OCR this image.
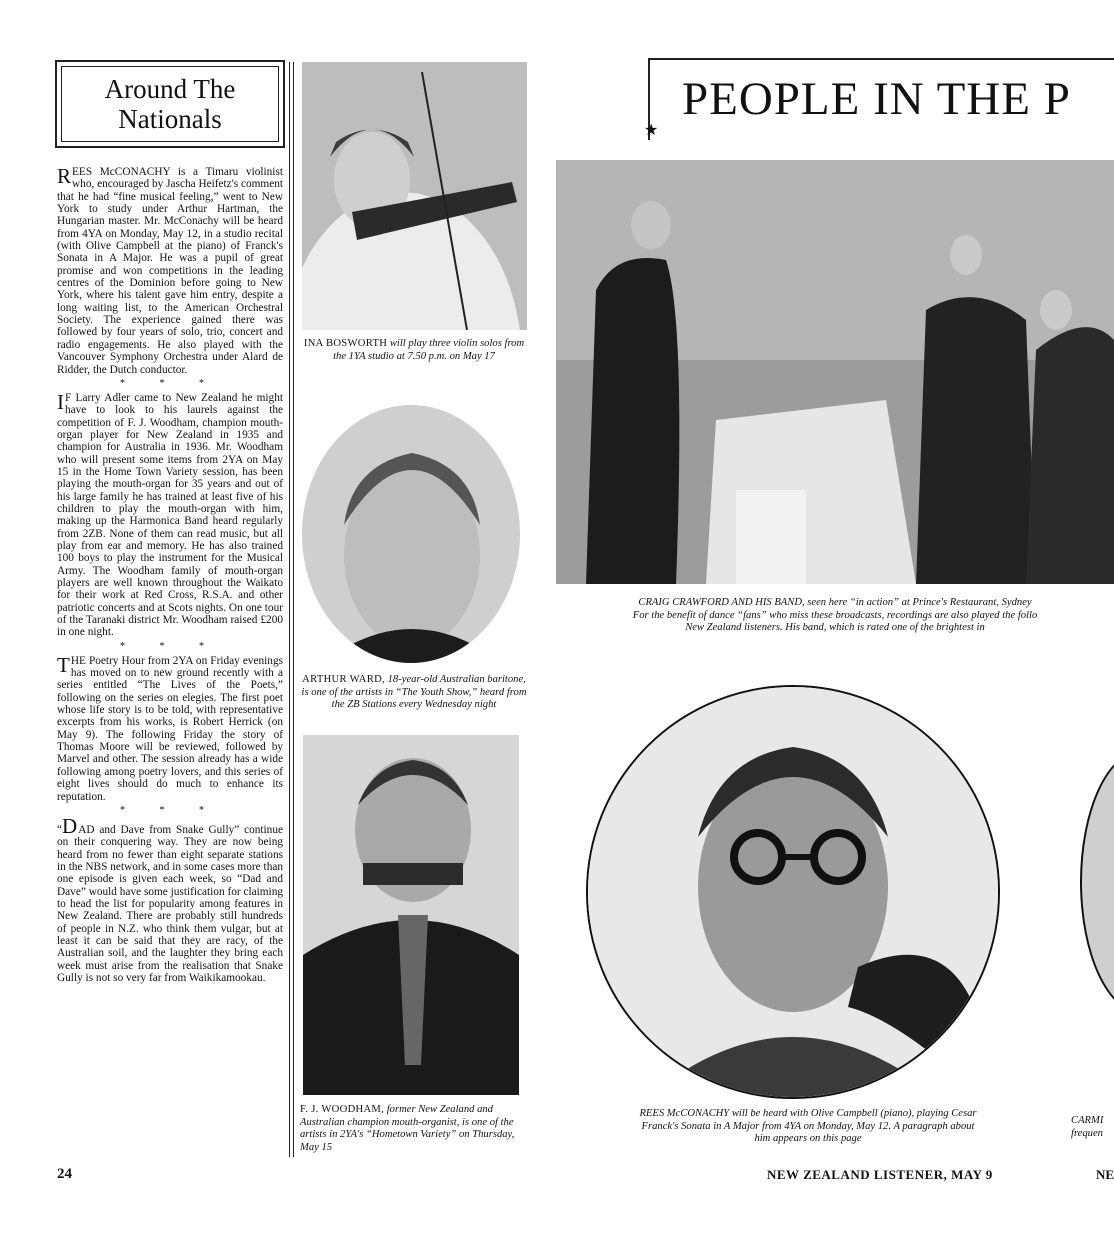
Around The
Nationals

REES McCONACHY is a Timaru violinist who, encouraged by Jascha Heifetz's comment that he had “fine musical feeling,” went to New York to study under Arthur Hartman, the Hungarian master. Mr. McConachy will be heard from 4YA on Monday, May 12, in a studio recital (with Olive Campbell at the piano) of Franck's Sonata in A Major. He was a pupil of great promise and won competitions in the leading centres of the Dominion before going to New York, where his talent gave him entry, despite a long waiting list, to the American Orchestral Society. The experience gained there was followed by four years of solo, trio, concert and radio engagements. He also played with the Vancouver Symphony Orchestra under Alard de Ridder, the Dutch conductor.

* * *

I F Larry Adler came to New Zealand he might have to look to his laurels against the competition of F. J. Woodham, champion mouth-organ player for New Zealand in 1935 and champion for Australia in 1936. Mr. Woodham who will present some items from 2YA on May 15 in the Home Town Variety session, has been playing the mouth-organ for 35 years and out of his large family he has trained at least five of his children to play the mouth-organ with him, making up the Harmonica Band heard regularly from 2ZB. None of them can read music, but all play from ear and memory. He has also trained 100 boys to play the instrument for the Musical Army. The Woodham family of mouth-organ players are well known throughout the Waikato for their work at Red Cross, R.S.A. and other patriotic concerts and at Scots nights. On one tour of the Taranaki district Mr. Woodham raised £200 in one night.

* * *

THE Poetry Hour from 2YA on Friday evenings has moved on to new ground recently with a series entitled “The Lives of the Poets,” following on the series on elegies. The first poet whose life story is to be told, with representative excerpts from his works, is Robert Herrick (on May 9). The following Friday the story of Thomas Moore will be reviewed, followed by Marvel and other. The session already has a wide following among poetry lovers, and this series of eight lives should do much to enhance its reputation.

* * *

“DAD and Dave from Snake Gully” continue on their conquering way. They are now being heard from no fewer than eight separate stations in the NBS network, and in some cases more than one episode is given each week, so “Dad and Dave” would have some justification for claiming to head the list for popularity among features in New Zealand. There are probably still hundreds of people in N.Z. who think them vulgar, but at least it can be said that they are racy, of the Australian soil, and the laughter they bring each week must arise from the realisation that Snake Gully is not so very far from Waikikamookau.

INA BOSWORTH will play three violin solos from the 1YA studio at 7.50 p.m. on May 17
ARTHUR WARD, 18-year-old Australian baritone, is one of the artists in “The Youth Show,” heard from the ZB Stations every Wednesday night
F. J. WOODHAM, former New Zealand and Australian champion mouth-organist, is one of the artists in 2YA's “Hometown Variety” on Thursday, May 15
PEOPLE IN THE P
★
CRAIG CRAWFORD AND HIS BAND, seen here “in action” at Prince's Restaurant, Sydney
For the benefit of dance “fans” who miss these broadcasts, recordings are also played the follo
New Zealand listeners. His band, which is rated one of the brightest in
REES McCONACHY will be heard with Olive Campbell (piano), playing Cesar
Franck's Sonata in A Major from 4YA on Monday, May 12. A paragraph about
him appears on this page
CARMI
frequen
24	NEW ZEALAND LISTENER, MAY 9	NE
